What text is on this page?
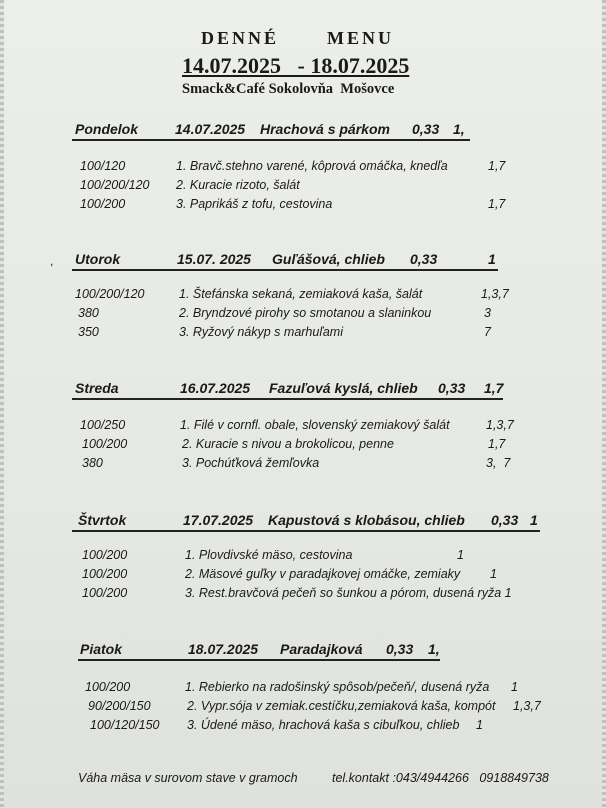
DENNÉ	MENU
14.07.2025   - 18.07.2025
Smack&Café Sokolovňa  Mošovce
,
Pondelok	14.07.2025 Hrachová s párkom 0,33 1,
100/120	1. Bravč.stehno varené, kôprová omáčka, knedľa	1,7
100/200/120 2. Kuracie rizoto, šalát
100/200	3. Paprikáš z tofu, cestovina	1,7
Utorok	15.07. 2025 Guľášová, chlieb 0,33	1
100/200/120	1. Štefánska sekaná, zemiaková kaša, šalát	1,3,7
380	2. Bryndzové pirohy so smotanou a slaninkou	3
350	3. Ryžový nákyp s marhuľami	7
Streda	16.07.2025 Fazuľová kyslá, chlieb 0,33 1,7
100/250	1. Filé v cornfl. obale, slovenský zemiakový šalát	1,3,7
100/200	2. Kuracie s nivou a brokolicou, penne	1,7
380	3. Pochúťková žemľovka	3,  7
Štvrtok	17.07.2025 Kapustová s klobásou, chlieb 0,33 1
100/200	1. Plovdivské mäso, cestovina	1
100/200	2. Mäsové guľky v paradajkovej omáčke, zemiaky 1
100/200	3. Rest.bravčová pečeň so šunkou a pórom, dusená ryža 1
Piatok	18.07.2025 Paradajková 0,33 1,
100/200	1. Rebierko na radošinský spôsob/pečeň/, dusená ryža 1
90/200/150	2. Vypr.sója v zemiak.cestíčku,zemiaková kaša, kompót 1,3,7
100/120/150 3. Údené mäso, hrachová kaša s cibuľkou, chlieb 1
Váha mäsa v surovom stave v gramoch	tel.kontakt :043/4944266   0918849738
